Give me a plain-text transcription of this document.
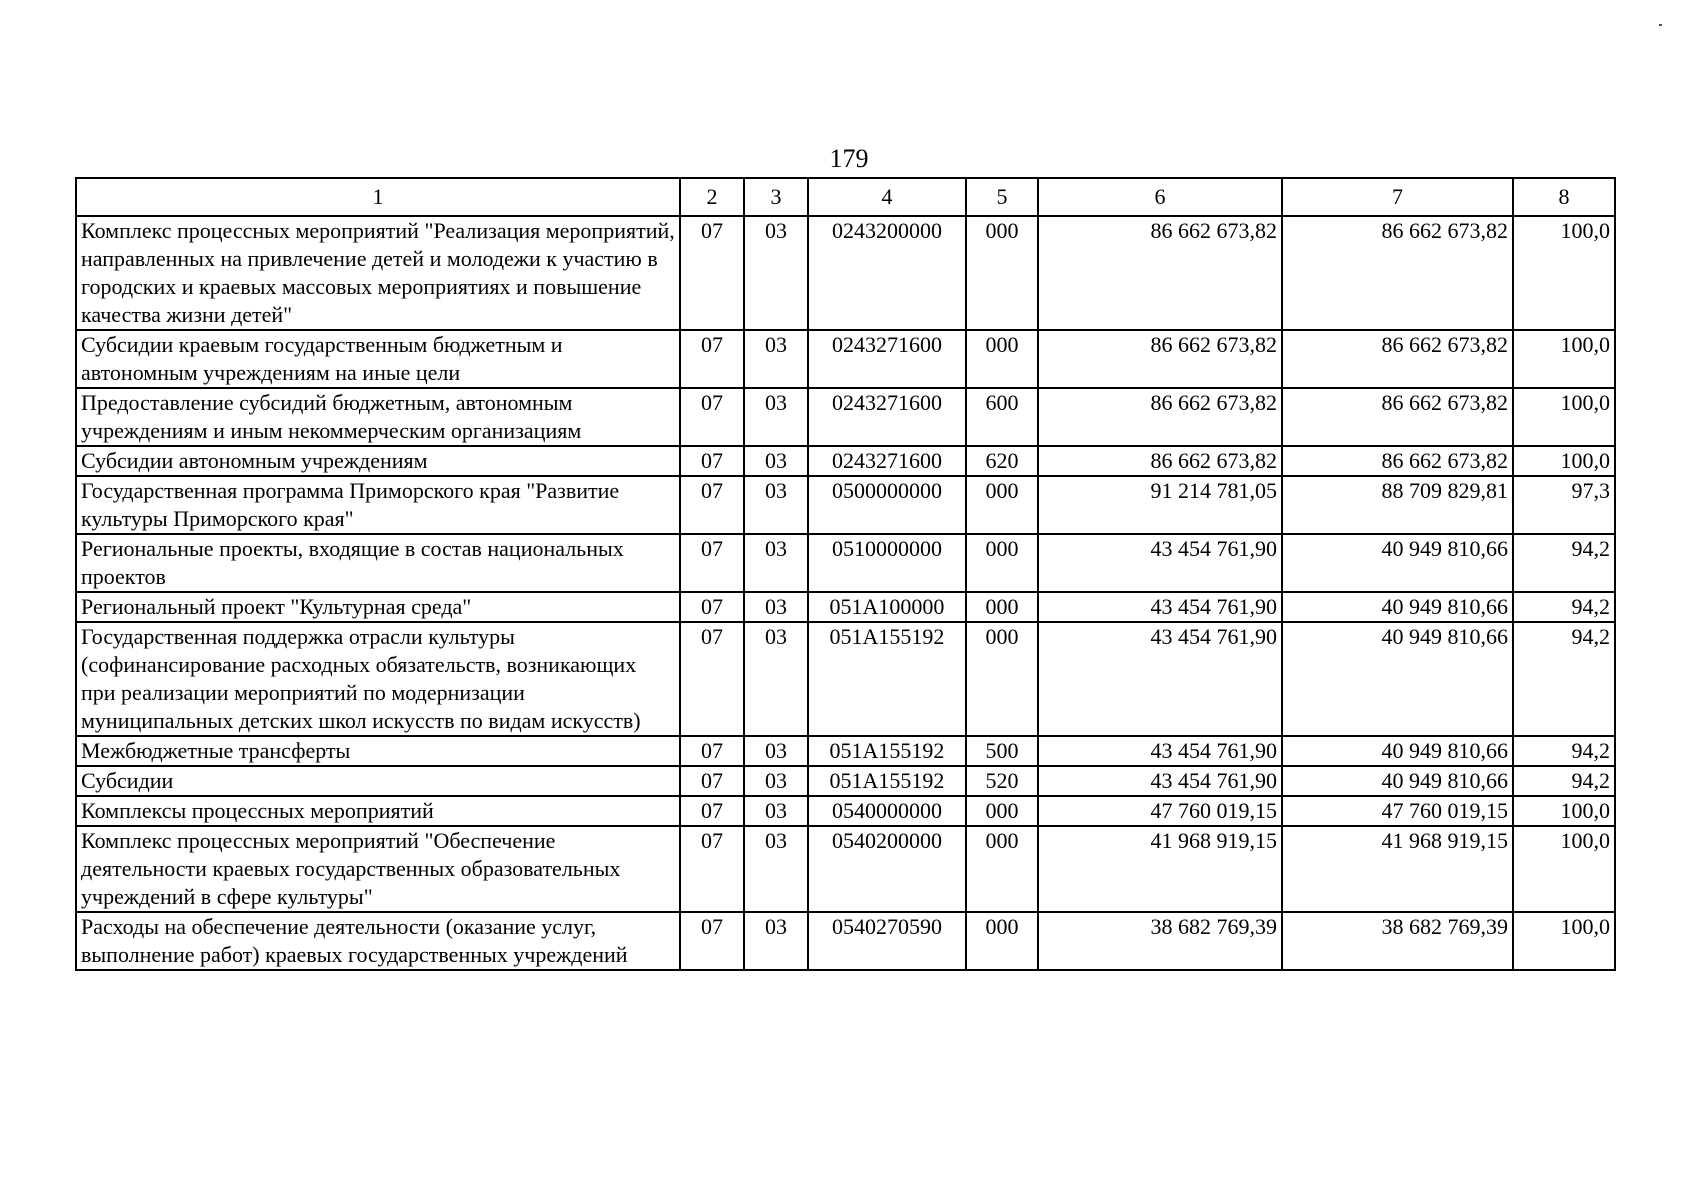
179
1	2	3	4	5	6	7	8
Комплекс процессных мероприятий "Реализация мероприятий, направленных на привлечение детей и молодежи к участию в городских и краевых массовых мероприятиях и повышение качества жизни детей"	07	03	0243200000	000	86 662 673,82	86 662 673,82	100,0
Субсидии краевым государственным бюджетным и автономным учреждениям на иные цели	07	03	0243271600	000	86 662 673,82	86 662 673,82	100,0
Предоставление субсидий бюджетным, автономным учреждениям и иным некоммерческим организациям	07	03	0243271600	600	86 662 673,82	86 662 673,82	100,0
Субсидии автономным учреждениям	07	03	0243271600	620	86 662 673,82	86 662 673,82	100,0
Государственная программа Приморского края "Развитие культуры Приморского края"	07	03	0500000000	000	91 214 781,05	88 709 829,81	97,3
Региональные проекты, входящие в состав национальных проектов	07	03	0510000000	000	43 454 761,90	40 949 810,66	94,2
Региональный проект "Культурная среда"	07	03	051A100000	000	43 454 761,90	40 949 810,66	94,2
Государственная поддержка отрасли культуры (софинансирование расходных обязательств, возникающих при реализации мероприятий по модернизации муниципальных детских школ искусств по видам искусств)	07	03	051A155192	000	43 454 761,90	40 949 810,66	94,2
Межбюджетные трансферты	07	03	051A155192	500	43 454 761,90	40 949 810,66	94,2
Субсидии	07	03	051A155192	520	43 454 761,90	40 949 810,66	94,2
Комплексы процессных мероприятий	07	03	0540000000	000	47 760 019,15	47 760 019,15	100,0
Комплекс процессных мероприятий "Обеспечение деятельности краевых государственных образовательных учреждений в сфере культуры"	07	03	0540200000	000	41 968 919,15	41 968 919,15	100,0
Расходы на обеспечение деятельности (оказание услуг, выполнение работ) краевых государственных учреждений	07	03	0540270590	000	38 682 769,39	38 682 769,39	100,0
